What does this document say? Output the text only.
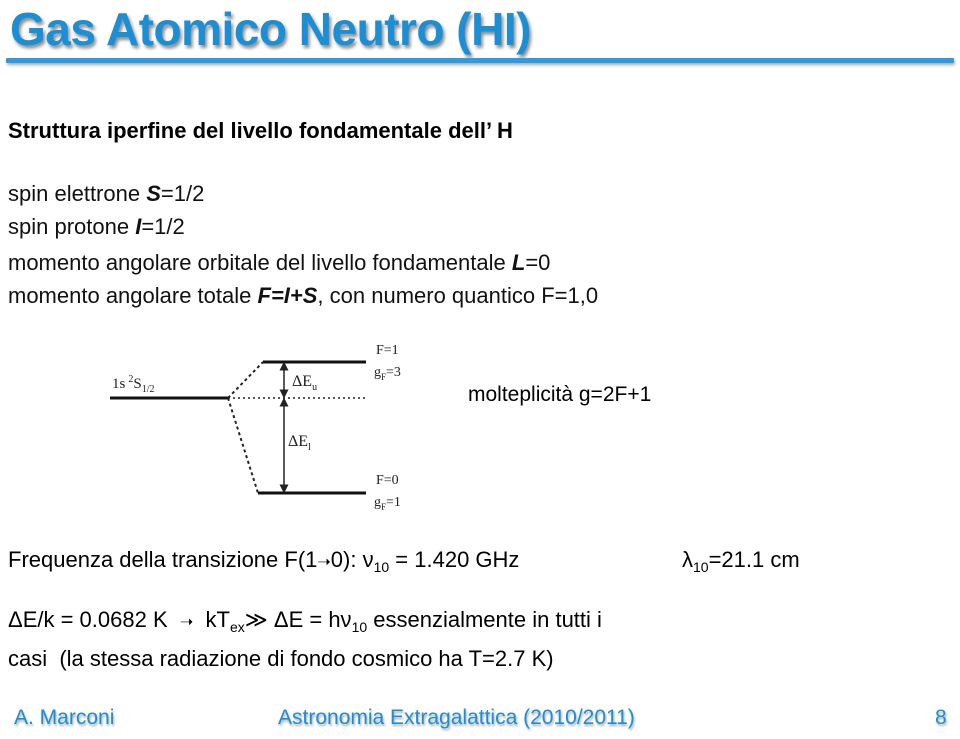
Gas Atomico Neutro (HI)
Struttura iperfine del livello fondamentale dell’ H
spin elettrone S=1/2
spin protone I=1/2
momento angolare orbitale del livello fondamentale L=0
momento angolare totale F=I+S, con numero quantico F=1,0
1s $^2S_{1/2}$	$\Delta E_u$
$\Delta E_l$
F=1
$g_F=3$
F=0
$g_F=1$
molteplicità g=2F+1
Frequenza della transizione F(1➝0): $\nu_{10} = 1.420$ GHz	$\lambda_{10}=21.1$ cm
ΔE/k = 0.0682 K  ➝  $kT_{ex}≫$ $\Delta E = h\nu_{10}$ essenzialmente in tutti i
casi  (la stessa radiazione di fondo cosmico ha T=2.7 K)
A. Marconi	Astronomia Extragalattica (2010/2011)	8
